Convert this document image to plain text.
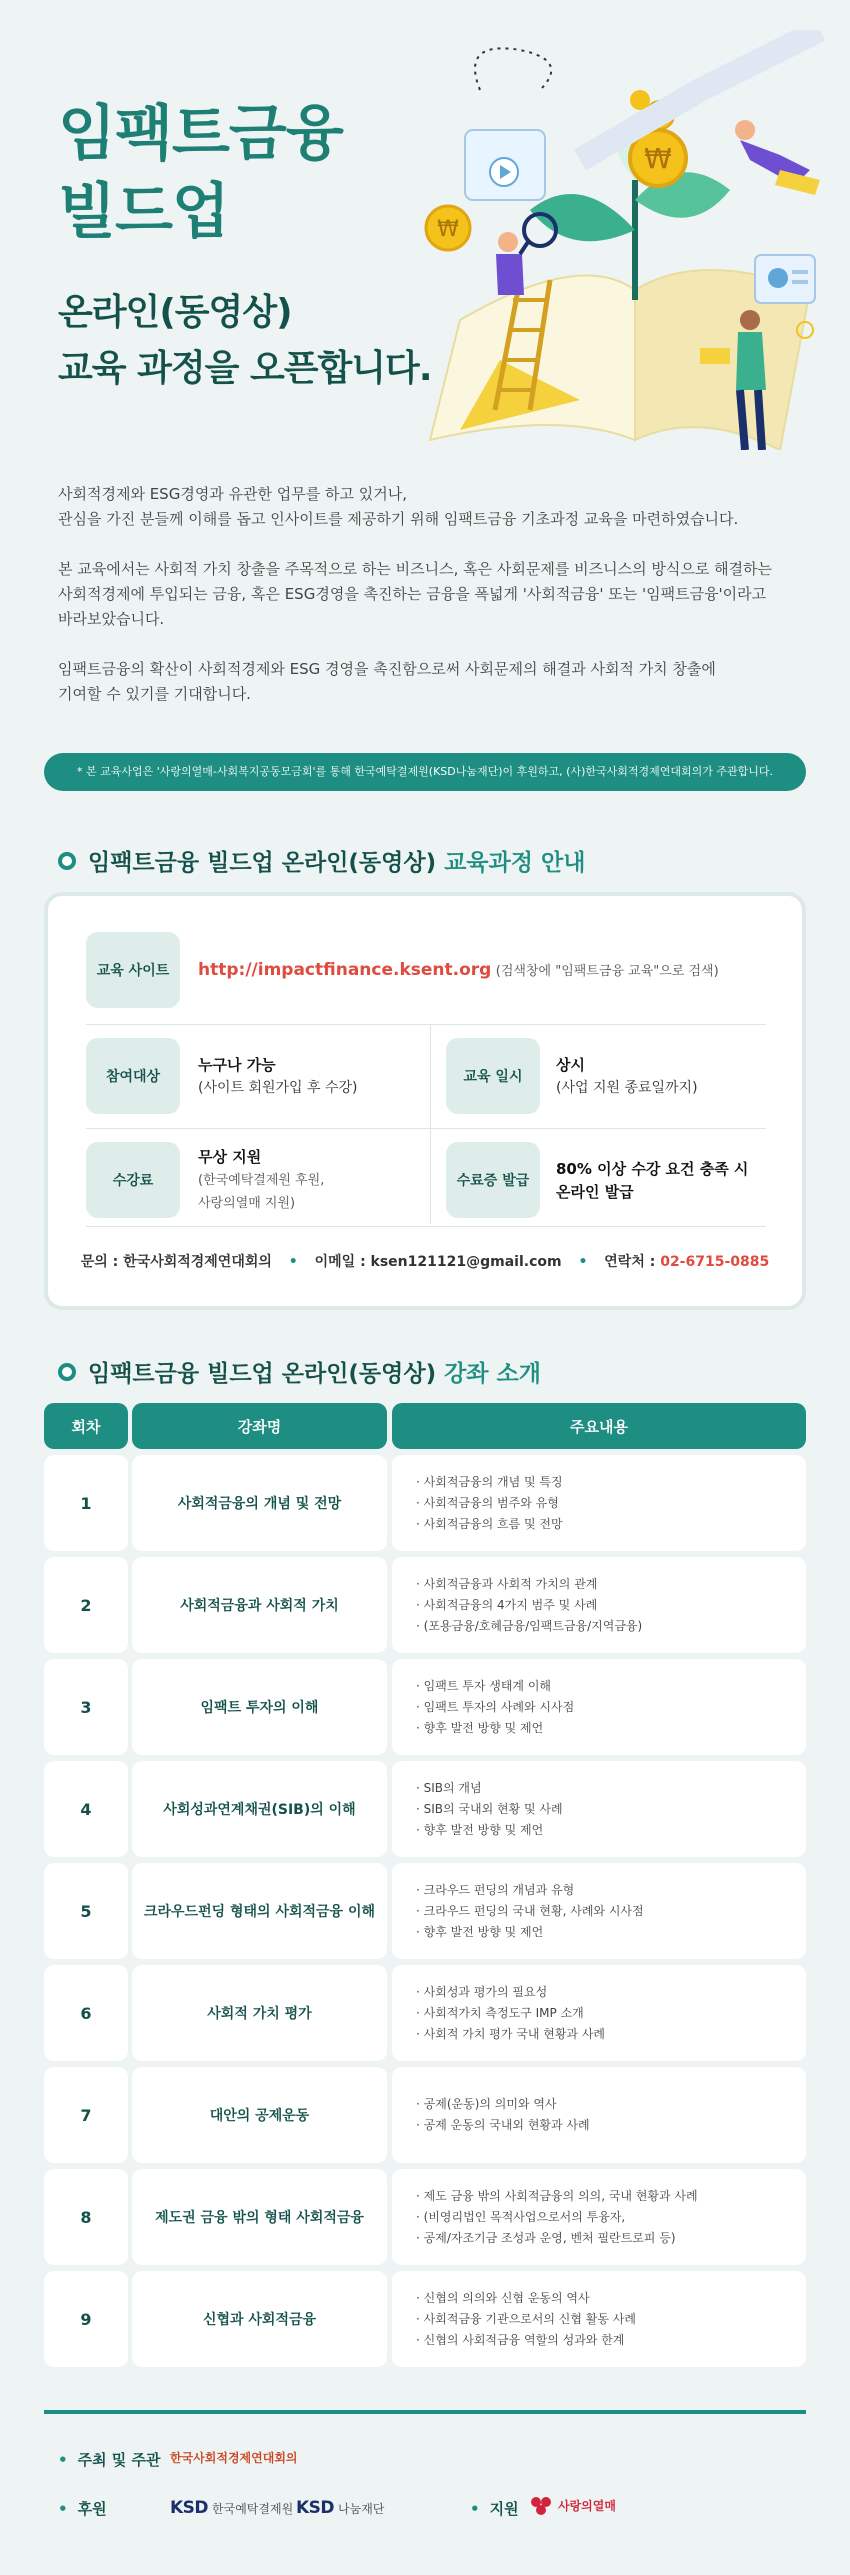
임팩트금융
빌드업
온라인(동영상)
교육 과정을 오픈합니다.
₩
₩

사회적경제와 ESG경영과 유관한 업무를 하고 있거나,
관심을 가진 분들께 이해를 돕고 인사이트를 제공하기 위해 임팩트금융 기초과정 교육을 마련하였습니다.

본 교육에서는 사회적 가치 창출을 주목적으로 하는 비즈니스, 혹은 사회문제를 비즈니스의 방식으로 해결하는
사회적경제에 투입되는 금융, 혹은 ESG경영을 촉진하는 금융을 폭넓게 '사회적금융' 또는 '임팩트금융'이라고
바라보았습니다.

임팩트금융의 확산이 사회적경제와 ESG 경영을 촉진함으로써 사회문제의 해결과 사회적 가치 창출에
기여할 수 있기를 기대합니다.

* 본 교육사업은 '사랑의열매-사회복지공동모금회'를 통해 한국예탁결제원(KSD나눔재단)이 후원하고, (사)한국사회적경제연대회의가 주관합니다.
임팩트금융 빌드업 온라인(동영상) 교육과정 안내
교육 사이트	http://impactfinance.ksent.org (검색창에 "임팩트금융 교육"으로 검색)
참여대상
누구나 가능
(사이트 회원가입 후 수강)
교육 일시
상시
(사업 지원 종료일까지)
수강료
무상 지원
(한국예탁결제원 후원,
사랑의열매 지원)
수료증 발급
80% 이상 수강 요건 충족 시
온라인 발급
문의 : 한국사회적경제연대회의 • 이메일 : ksen121121@gmail.com • 연락처 : 02-6715-0885
임팩트금융 빌드업 온라인(동영상) 강좌 소개
회차	강좌명	주요내용
1	사회적금융의 개념 및 전망
· 사회적금융의 개념 및 특징
· 사회적금융의 범주와 유형
· 사회적금융의 흐름 및 전망
2	사회적금융과 사회적 가치
· 사회적금융과 사회적 가치의 관계
· 사회적금융의 4가지 범주 및 사례
· (포용금융/호혜금융/임팩트금융/지역금융)
3	임팩트 투자의 이해
· 임팩트 투자 생태계 이해
· 임팩트 투자의 사례와 시사점
· 향후 발전 방향 및 제언
4	사회성과연계채권(SIB)의 이해
· SIB의 개념
· SIB의 국내외 현황 및 사례
· 향후 발전 방향 및 제언
5	크라우드펀딩 형태의 사회적금융 이해
· 크라우드 펀딩의 개념과 유형
· 크라우드 펀딩의 국내 현황, 사례와 시사점
· 향후 발전 방향 및 제언
6	사회적 가치 평가
· 사회성과 평가의 필요성
· 사회적가치 측정도구 IMP 소개
· 사회적 가치 평가 국내 현황과 사례
7	대안의 공제운동
· 공제(운동)의 의미와 역사
· 공제 운동의 국내외 현황과 사례
8	제도권 금융 밖의 형태 사회적금융
· 제도 금융 밖의 사회적금융의 의의, 국내 현황과 사례
· (비영리법인 목적사업으로서의 투융자,
· 공제/자조기금 조성과 운영, 벤처 필란트로피 등)
9	신협과 사회적금융
· 신협의 의의와 신협 운동의 역사
· 사회적금융 기관으로서의 신협 활동 사례
· 신협의 사회적금융 역할의 성과와 한계
• 주최 및 주관 한국사회적경제연대회의
• 후원	KSD 한국예탁결제원 KSD 나눔재단
•	지원	사랑의열매
